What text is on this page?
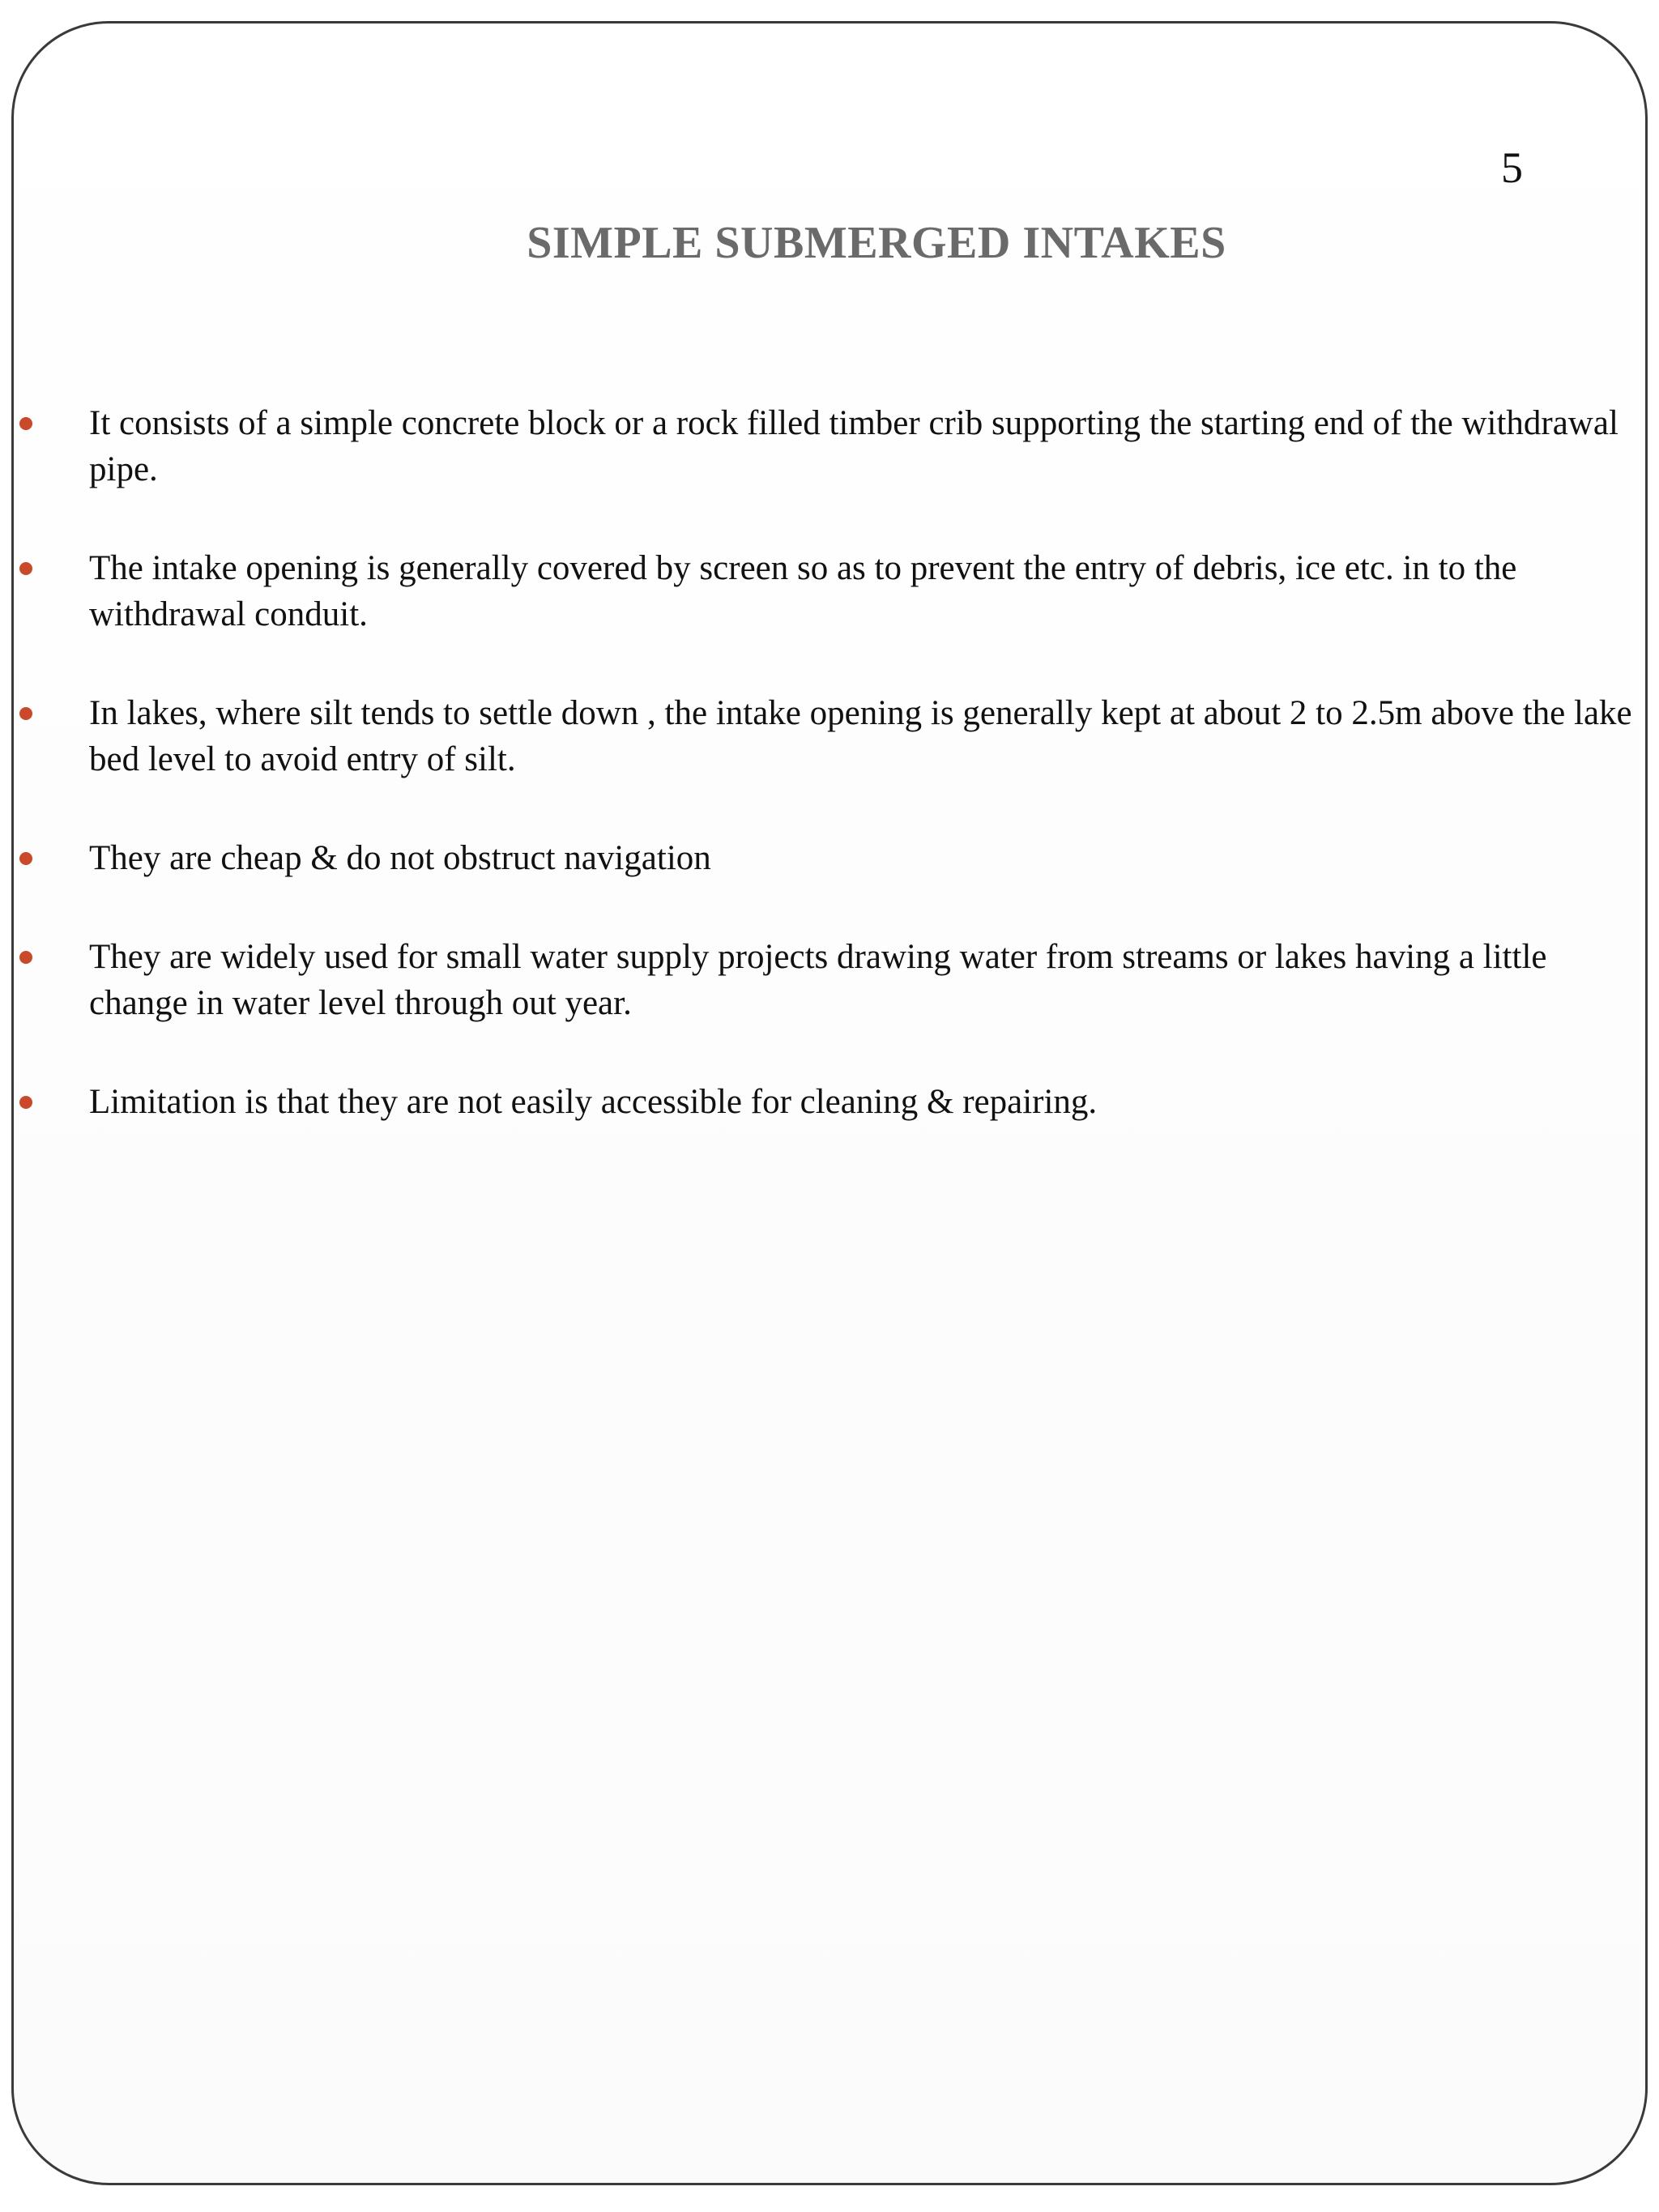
5
SIMPLE SUBMERGED INTAKES
It consists of a simple concrete block or a rock filled timber crib supporting the starting end of the withdrawal pipe.
The intake opening is generally covered by screen so as to prevent the entry of debris, ice etc. in to the withdrawal conduit.
In lakes, where silt tends to settle down , the intake opening is generally kept at about 2 to 2.5m above the lake bed level to avoid entry of silt.
They are cheap & do not obstruct navigation
They are widely used for small water supply projects drawing water from streams or lakes having a little change in water level through out year.
Limitation is that they are not easily accessible for cleaning & repairing.
